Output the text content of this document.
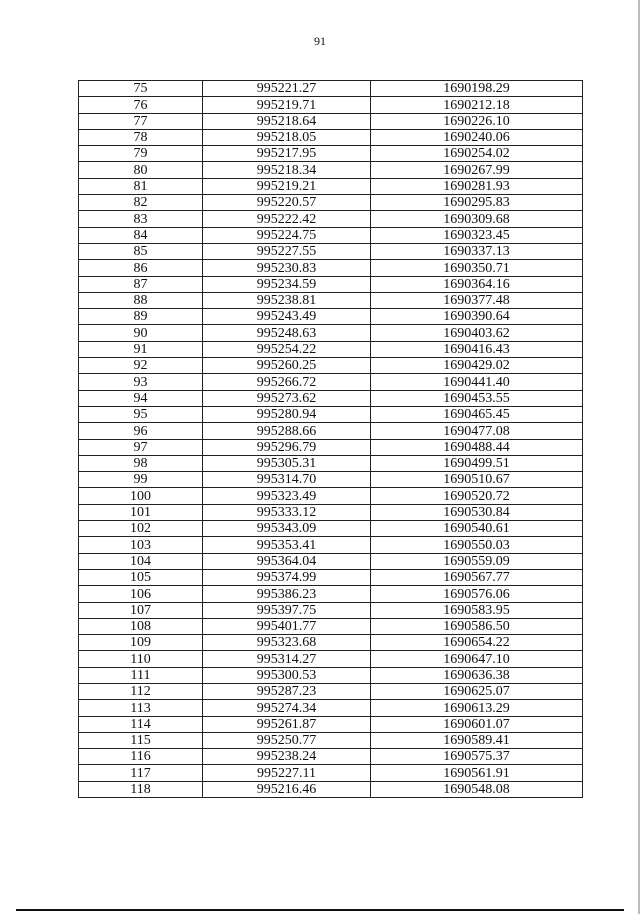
91
75	995221.27	1690198.29
76	995219.71	1690212.18
77	995218.64	1690226.10
78	995218.05	1690240.06
79	995217.95	1690254.02
80	995218.34	1690267.99
81	995219.21	1690281.93
82	995220.57	1690295.83
83	995222.42	1690309.68
84	995224.75	1690323.45
85	995227.55	1690337.13
86	995230.83	1690350.71
87	995234.59	1690364.16
88	995238.81	1690377.48
89	995243.49	1690390.64
90	995248.63	1690403.62
91	995254.22	1690416.43
92	995260.25	1690429.02
93	995266.72	1690441.40
94	995273.62	1690453.55
95	995280.94	1690465.45
96	995288.66	1690477.08
97	995296.79	1690488.44
98	995305.31	1690499.51
99	995314.70	1690510.67
100	995323.49	1690520.72
101	995333.12	1690530.84
102	995343.09	1690540.61
103	995353.41	1690550.03
104	995364.04	1690559.09
105	995374.99	1690567.77
106	995386.23	1690576.06
107	995397.75	1690583.95
108	995401.77	1690586.50
109	995323.68	1690654.22
110	995314.27	1690647.10
111	995300.53	1690636.38
112	995287.23	1690625.07
113	995274.34	1690613.29
114	995261.87	1690601.07
115	995250.77	1690589.41
116	995238.24	1690575.37
117	995227.11	1690561.91
118	995216.46	1690548.08
